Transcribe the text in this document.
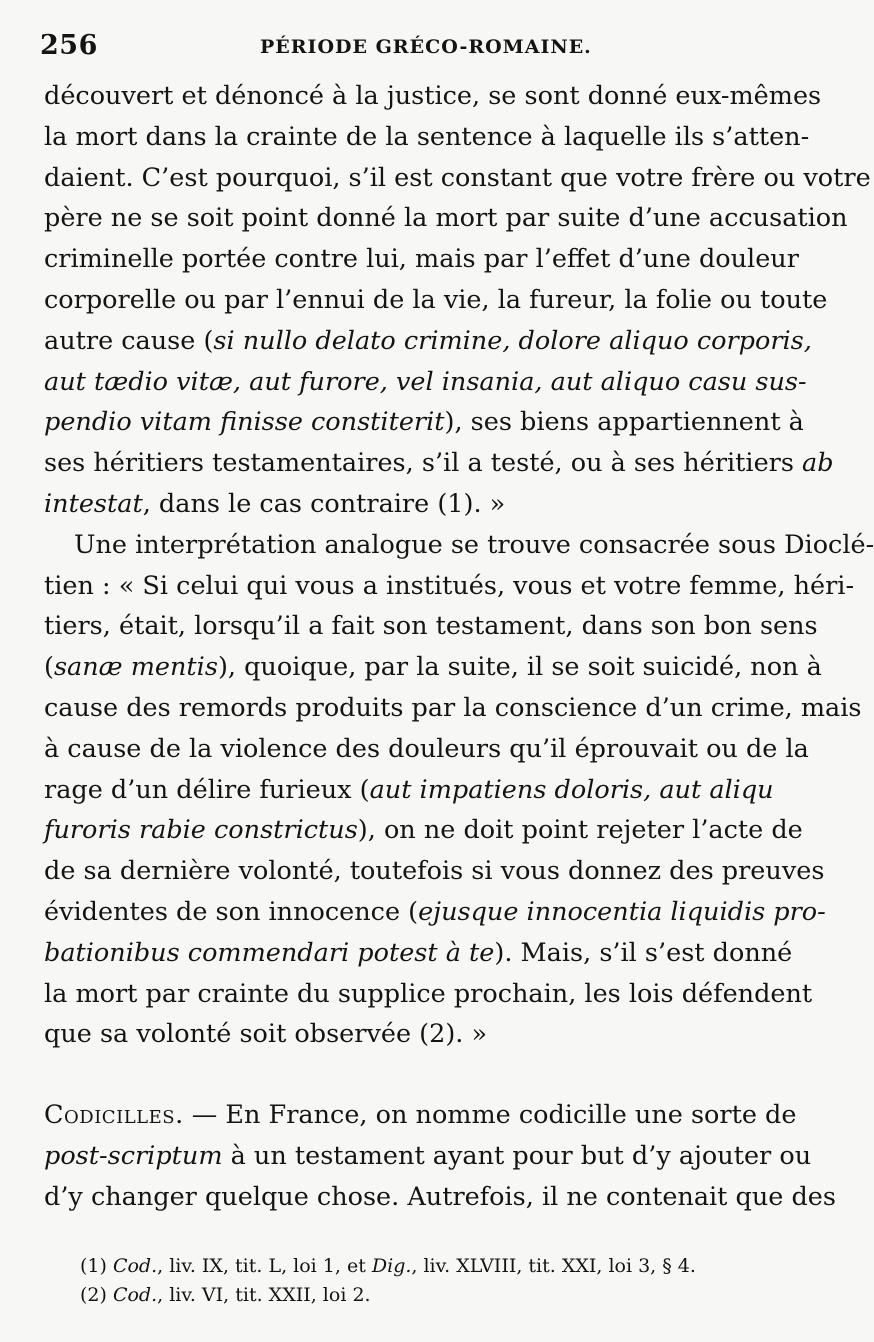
256	PÉRIODE GRÉCO-ROMAINE.
découvert et dénoncé à la justice, se sont donné eux-mêmes
la mort dans la crainte de la sentence à laquelle ils s’atten-
daient. C’est pourquoi, s’il est constant que votre frère ou votre
père ne se soit point donné la mort par suite d’une accusation
criminelle portée contre lui, mais par l’effet d’une douleur
corporelle ou par l’ennui de la vie, la fureur, la folie ou toute
autre cause (si nullo delato crimine, dolore aliquo corporis,
aut tædio vitæ, aut furore, vel insania, aut aliquo casu sus-
pendio vitam finisse constiterit), ses biens appartiennent à
ses héritiers testamentaires, s’il a testé, ou à ses héritiers ab
intestat, dans le cas contraire (1). »
Une interprétation analogue se trouve consacrée sous Dioclé-
tien : « Si celui qui vous a institués, vous et votre femme, héri-
tiers, était, lorsqu’il a fait son testament, dans son bon sens
(sanæ mentis), quoique, par la suite, il se soit suicidé, non à
cause des remords produits par la conscience d’un crime, mais
à cause de la violence des douleurs qu’il éprouvait ou de la
rage d’un délire furieux (aut impatiens doloris, aut aliqu
furoris rabie constrictus), on ne doit point rejeter l’acte de
de sa dernière volonté, toutefois si vous donnez des preuves
évidentes de son innocence (ejusque innocentia liquidis pro-
bationibus commendari potest à te). Mais, s’il s’est donné
la mort par crainte du supplice prochain, les lois défendent
que sa volonté soit observée (2). »
Codicilles. — En France, on nomme codicille une sorte de
post-scriptum à un testament ayant pour but d’y ajouter ou
d’y changer quelque chose. Autrefois, il ne contenait que des
(1) Cod., liv. IX, tit. L, loi 1, et Dig., liv. XLVIII, tit. XXI, loi 3, § 4.
(2) Cod., liv. VI, tit. XXII, loi 2.
